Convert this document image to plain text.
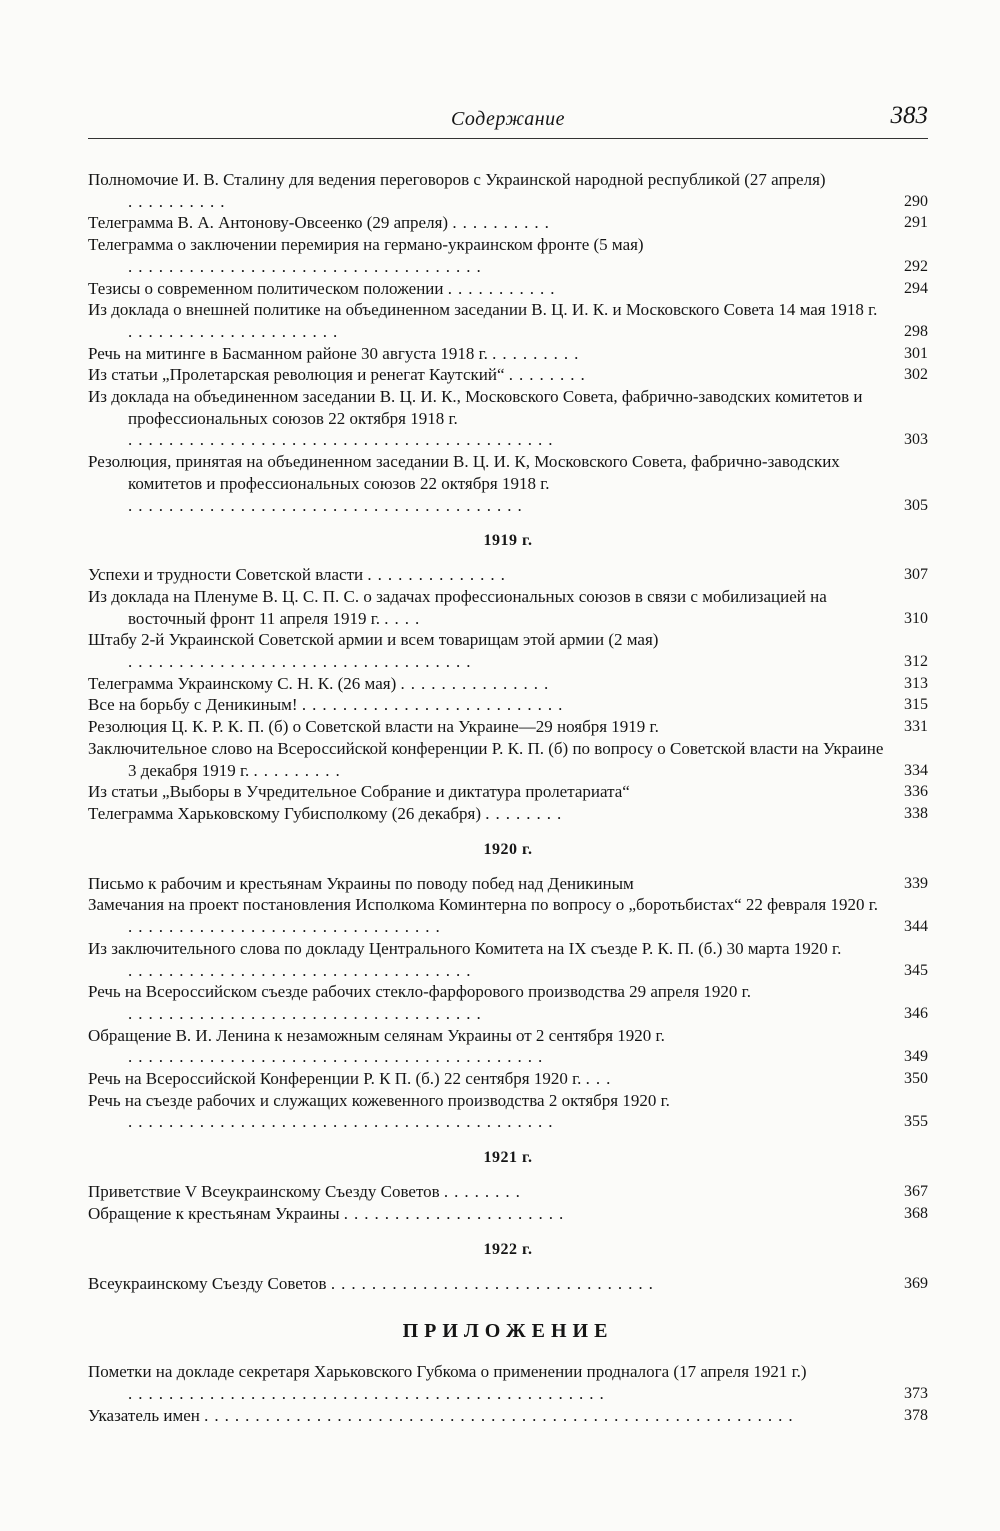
Содержание	383
Полномочие И. В. Сталину для ведения переговоров с Украинской народной республикой (27 апреля) ..........	290
Телеграмма В. А. Антонову-Овсеенко (29 апреля) ..........	291
Телеграмма о заключении перемирия на германо-украинском фронте (5 мая) ...................................	292
Тезисы о современном политическом положении ...........	294
Из доклада о внешней политике на объединенном заседании В. Ц. И. К. и Московского Совета 14 мая 1918 г. .....................	298
Речь на митинге в Басманном районе 30 августа 1918 г. .........	301
Из статьи „Пролетарская революция и ренегат Каутский“ ........	302
Из доклада на объединенном заседании В. Ц. И. К., Московского Совета, фабрично-заводских комитетов и профессиональных союзов 22 октября 1918 г. ..........................................	303
Резолюция, принятая на объединенном заседании В. Ц. И. К, Московского Совета, фабрично-заводских комитетов и профессиональных союзов 22 октября 1918 г. .......................................	305
1919 г.
Успехи и трудности Советской власти ..............	307
Из доклада на Пленуме В. Ц. С. П. С. о задачах профессиональных союзов в связи с мобилизацией на восточный фронт 11 апреля 1919 г. ....	310
Штабу 2-й Украинской Советской армии и всем товарищам этой армии (2 мая) ..................................	312
Телеграмма Украинскому С. Н. К. (26 мая) ...............	313
Все на борьбу с Деникиным! ..........................	315
Резолюция Ц. К. Р. К. П. (б) о Советской власти на Украине—29 ноября 1919 г.	331
Заключительное слово на Всероссийской конференции Р. К. П. (б) по вопросу о Советской власти на Украине 3 декабря 1919 г. .........	334
Из статьи „Выборы в Учредительное Собрание и диктатура пролетариата“	336
Телеграмма Харьковскому Губисполкому (26 декабря) ........	338
1920 г.
Письмо к рабочим и крестьянам Украины по поводу побед над Деникиным	339
Замечания на проект постановления Исполкома Коминтерна по вопросу о „боротьбистах“ 22 февраля 1920 г. ...............................	344
Из заключительного слова по докладу Центрального Комитета на IX съезде Р. К. П. (б.) 30 марта 1920 г. ..................................	345
Речь на Всероссийском съезде рабочих стекло-фарфорового производства 29 апреля 1920 г. ...................................	346
Обращение В. И. Ленина к незаможным селянам Украины от 2 сентября 1920 г. .........................................	349
Речь на Всероссийской Конференции Р. К П. (б.) 22 сентября 1920 г. ...	350
Речь на съезде рабочих и служащих кожевенного производства 2 октября 1920 г. ..........................................	355
1921 г.
Приветствие V Всеукраинскому Съезду Советов ........	367
Обращение к крестьянам Украины ......................	368
1922 г.
Всеукраинскому Съезду Советов ................................	369
ПРИЛОЖЕНИЕ
Пометки на докладе секретаря Харьковского Губкома о применении продналога (17 апреля 1921 г.) ...............................................	373
Указатель имен ..........................................................	378
